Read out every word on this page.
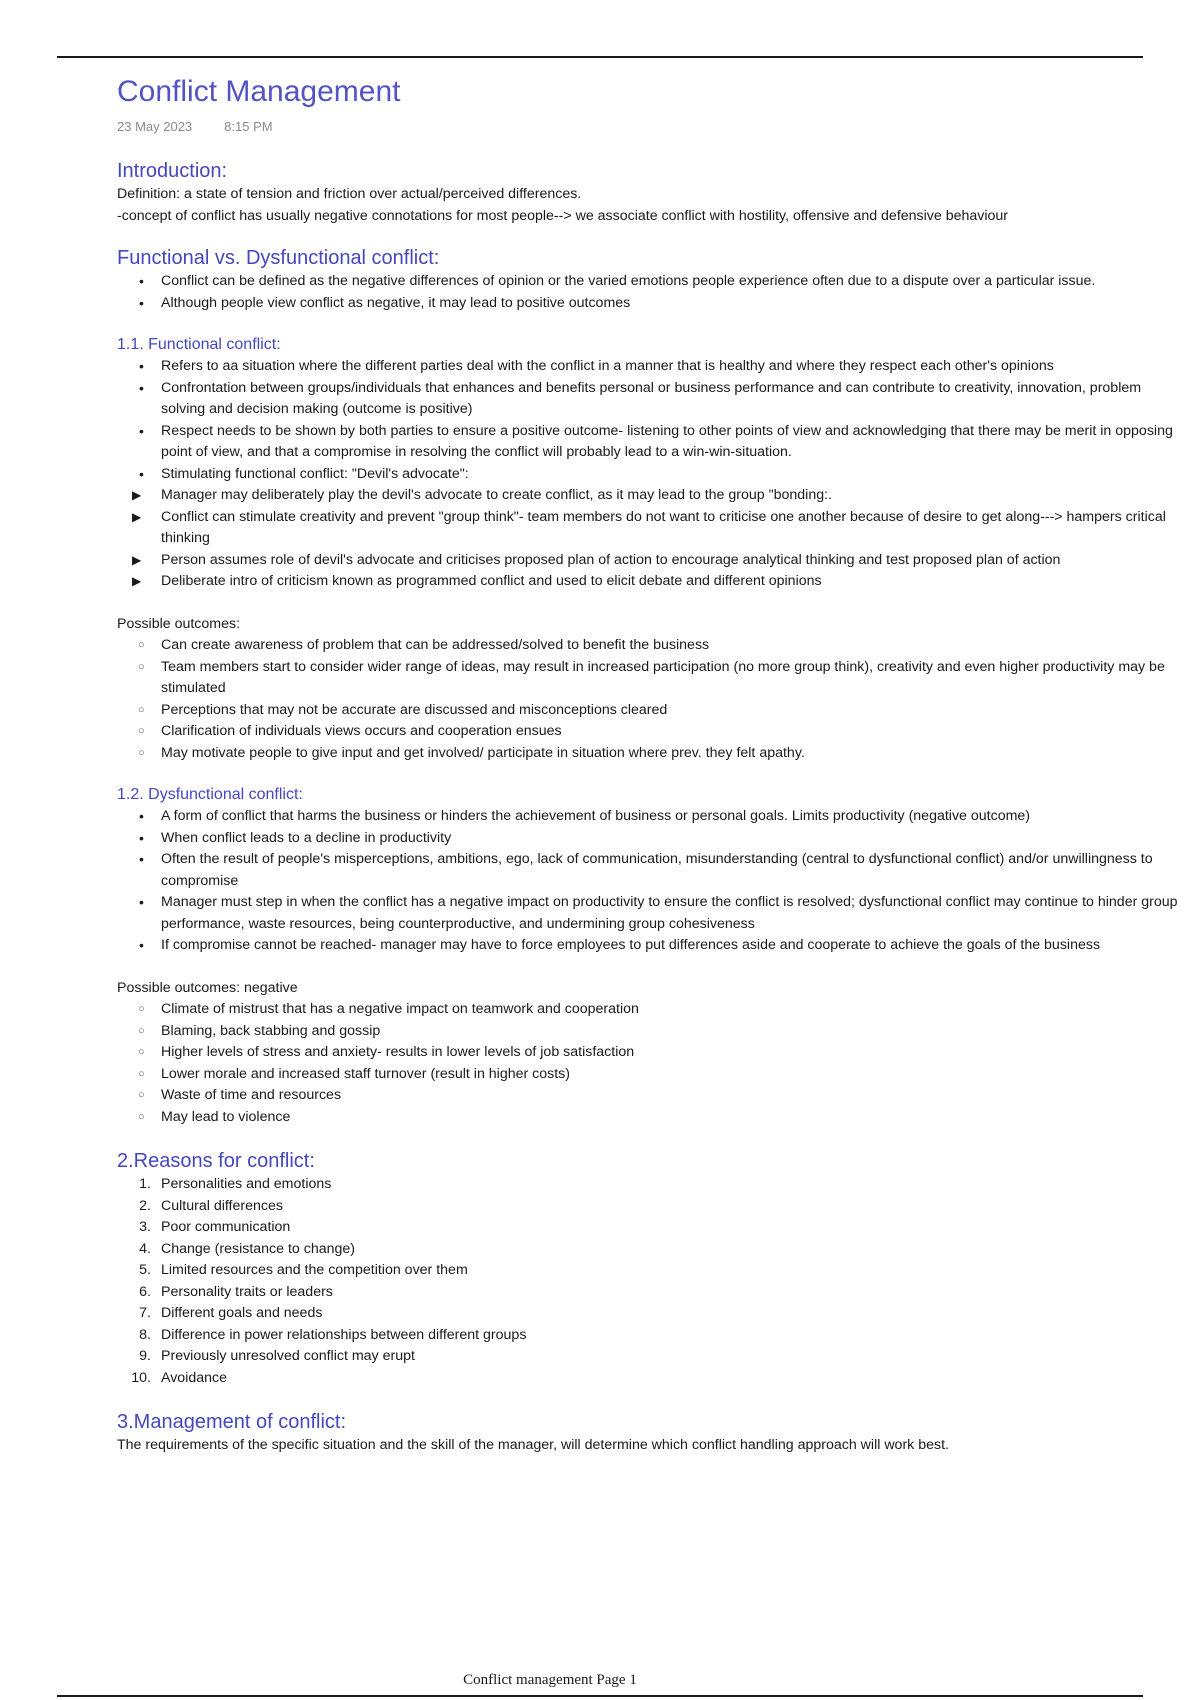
Conflict Management
23 May 2023 8:15 PM
Introduction:

Definition: a state of tension and friction over actual/perceived differences.

-concept of conflict has usually negative connotations for most people--> we associate conflict with hostility, offensive and defensive behaviour

Functional vs. Dysfunctional conflict:
• Conflict can be defined as the negative differences of opinion or the varied emotions people experience often due to a dispute over a particular issue.
• Although people view conflict as negative, it may lead to positive outcomes
1.1. Functional conflict:
• Refers to aa situation where the different parties deal with the conflict in a manner that is healthy and where they respect each other's opinions
• Confrontation between groups/individuals that enhances and benefits personal or business performance and can contribute to creativity, innovation, problem solving and decision making (outcome is positive)
• Respect needs to be shown by both parties to ensure a positive outcome- listening to other points of view and acknowledging that there may be merit in opposing point of view, and that a compromise in resolving the conflict will probably lead to a win-win-situation.
• Stimulating functional conflict: "Devil's advocate":
▶ Manager may deliberately play the devil's advocate to create conflict, as it may lead to the group "bonding:.
▶ Conflict can stimulate creativity and prevent "group think"- team members do not want to criticise one another because of desire to get along---> hampers critical thinking
▶ Person assumes role of devil's advocate and criticises proposed plan of action to encourage analytical thinking and test proposed plan of action
▶ Deliberate intro of criticism known as programmed conflict and used to elicit debate and different opinions

Possible outcomes:

○ Can create awareness of problem that can be addressed/solved to benefit the business
○ Team members start to consider wider range of ideas, may result in increased participation (no more group think), creativity and even higher productivity may be stimulated
○ Perceptions that may not be accurate are discussed and misconceptions cleared
○ Clarification of individuals views occurs and cooperation ensues
○ May motivate people to give input and get involved/ participate in situation where prev. they felt apathy.
1.2. Dysfunctional conflict:
• A form of conflict that harms the business or hinders the achievement of business or personal goals. Limits productivity (negative outcome)
• When conflict leads to a decline in productivity
• Often the result of people's misperceptions, ambitions, ego, lack of communication, misunderstanding (central to dysfunctional conflict) and/or unwillingness to compromise
• Manager must step in when the conflict has a negative impact on productivity to ensure the conflict is resolved; dysfunctional conflict may continue to hinder group performance, waste resources, being counterproductive, and undermining group cohesiveness
• If compromise cannot be reached- manager may have to force employees to put differences aside and cooperate to achieve the goals of the business

Possible outcomes: negative

○ Climate of mistrust that has a negative impact on teamwork and cooperation
○ Blaming, back stabbing and gossip
○ Higher levels of stress and anxiety- results in lower levels of job satisfaction
○ Lower morale and increased staff turnover (result in higher costs)
○ Waste of time and resources
○ May lead to violence
2.Reasons for conflict:
1. Personalities and emotions
2. Cultural differences
3. Poor communication
4. Change (resistance to change)
5. Limited resources and the competition over them
6. Personality traits or leaders
7. Different goals and needs
8. Difference in power relationships between different groups
9. Previously unresolved conflict may erupt
10. Avoidance
3.Management of conflict:

The requirements of the specific situation and the skill of the manager, will determine which conflict handling approach will work best.

Conflict management Page 1
